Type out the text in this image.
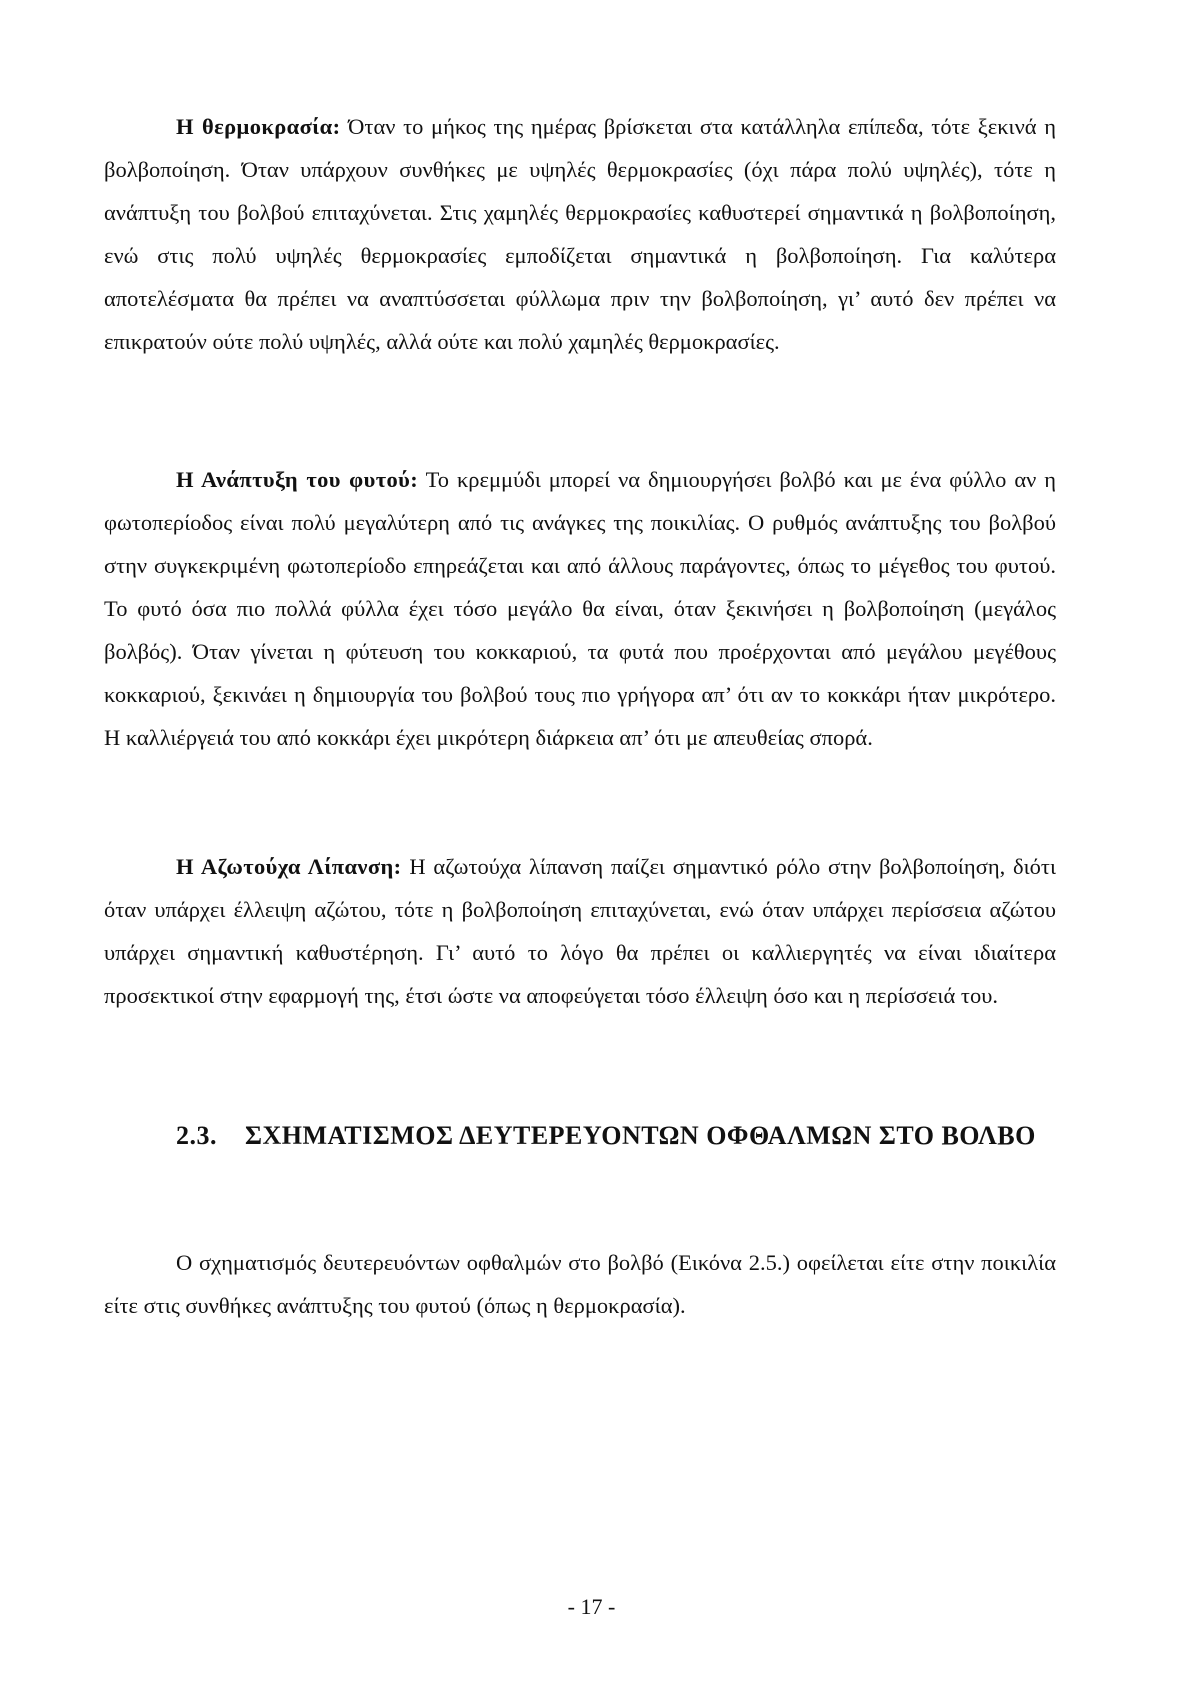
Η θερμοκρασία: Όταν το μήκος της ημέρας βρίσκεται στα κατάλληλα επίπεδα, τότε ξεκινά η βολβοποίηση. Όταν υπάρχουν συνθήκες με υψηλές θερμοκρασίες (όχι πάρα πολύ υψηλές), τότε η ανάπτυξη του βολβού επιταχύνεται. Στις χαμηλές θερμοκρασίες καθυστερεί σημαντικά η βολβοποίηση, ενώ στις πολύ υψηλές θερμοκρασίες εμποδίζεται σημαντικά η βολβοποίηση. Για καλύτερα αποτελέσματα θα πρέπει να αναπτύσσεται φύλλωμα πριν την βολβοποίηση, γι’ αυτό δεν πρέπει να επικρατούν ούτε πολύ υψηλές, αλλά ούτε και πολύ χαμηλές θερμοκρασίες.

Η Ανάπτυξη του φυτού: Το κρεμμύδι μπορεί να δημιουργήσει βολβό και με ένα φύλλο αν η φωτοπερίοδος είναι πολύ μεγαλύτερη από τις ανάγκες της ποικιλίας. Ο ρυθμός ανάπτυξης του βολβού στην συγκεκριμένη φωτοπερίοδο επηρεάζεται και από άλλους παράγοντες, όπως το μέγεθος του φυτού. Το φυτό όσα πιο πολλά φύλλα έχει τόσο μεγάλο θα είναι, όταν ξεκινήσει η βολβοποίηση (μεγάλος βολβός). Όταν γίνεται η φύτευση του κοκκαριού, τα φυτά που προέρχονται από μεγάλου μεγέθους κοκκαριού, ξεκινάει η δημιουργία του βολβού τους πιο γρήγορα απ’ ότι αν το κοκκάρι ήταν μικρότερο. Η καλλιέργειά του από κοκκάρι έχει μικρότερη διάρκεια απ’ ότι με απευθείας σπορά.

Η Αζωτούχα Λίπανση: Η αζωτούχα λίπανση παίζει σημαντικό ρόλο στην βολβοποίηση, διότι όταν υπάρχει έλλειψη αζώτου, τότε η βολβοποίηση επιταχύνεται, ενώ όταν υπάρχει περίσσεια αζώτου υπάρχει σημαντική καθυστέρηση. Γι’ αυτό το λόγο θα πρέπει οι καλλιεργητές να είναι ιδιαίτερα προσεκτικοί στην εφαρμογή της, έτσι ώστε να αποφεύγεται τόσο έλλειψη όσο και η περίσσειά του.

2.3. ΣΧΗΜΑΤΙΣΜΟΣ ΔΕΥΤΕΡΕΥΟΝΤΩΝ ΟΦΘΑΛΜΩΝ ΣΤΟ ΒΟΛΒΟ

Ο σχηματισμός δευτερευόντων οφθαλμών στο βολβό (Εικόνα 2.5.) οφείλεται είτε στην ποικιλία είτε στις συνθήκες ανάπτυξης του φυτού (όπως η θερμοκρασία).

- 17 -
